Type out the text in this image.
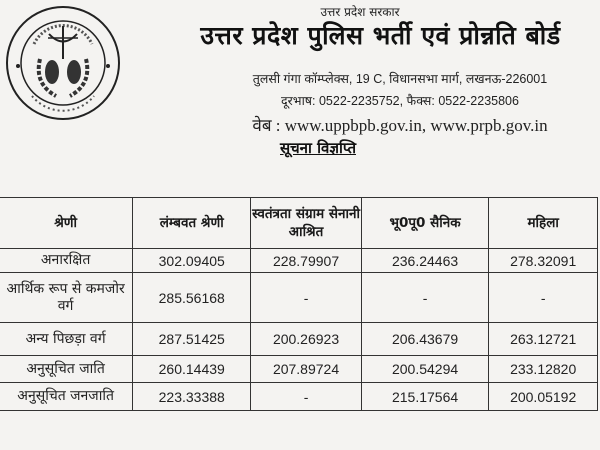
उत्तर प्रदेश सरकार
उत्तर प्रदेश पुलिस भर्ती एवं प्रोन्नति बोर्ड
तुलसी गंगा कॉम्प्लेक्स, 19 C, विधानसभा मार्ग, लखनऊ-226001
दूरभाष: 0522-2235752, फैक्स: 0522-2235806
वेब : www.uppbpb.gov.in, www.prpb.gov.in
सूचना विज्ञप्ति
श्रेणी	लंम्बवत श्रेणी	स्वतंत्रता संग्राम सेनानी आश्रित	भू0पू0 सैनिक	महिला
अनारक्षित	302.09405	228.79907	236.24463	278.32091
आर्थिक रूप से कमजोर वर्ग	285.56168	-	-	-
अन्य पिछड़ा वर्ग	287.51425	200.26923	206.43679	263.12721
अनुसूचित जाति	260.14439	207.89724	200.54294	233.12820
अनुसूचित जनजाति	223.33388	-	215.17564	200.05192
